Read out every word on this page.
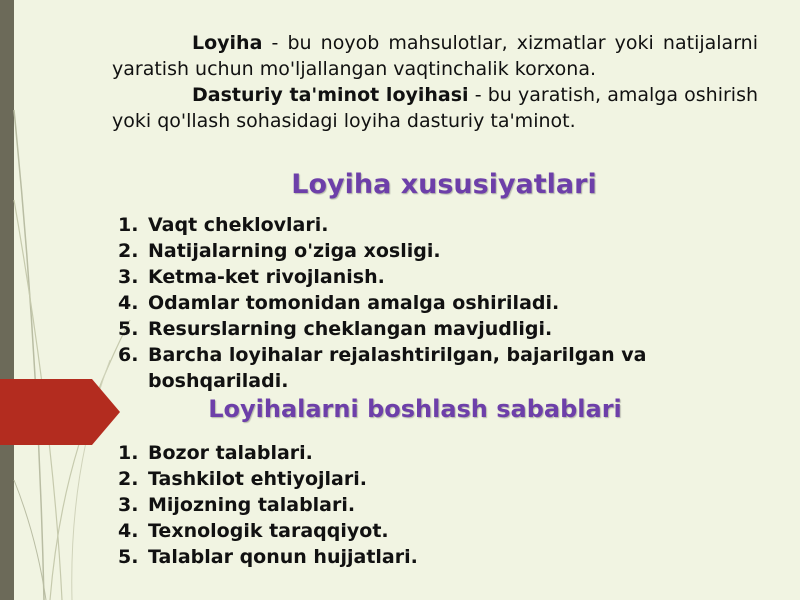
Loyiha - bu noyob mahsulotlar, xizmatlar yoki natijalarni yaratish uchun mo'ljallangan vaqtinchalik korxona.

Dasturiy ta'minot loyihasi - bu yaratish, amalga oshirish yoki qo'llash sohasidagi loyiha dasturiy ta'minot.

Loyiha xususiyatlari
1. Vaqt cheklovlari.
2. Natijalarning o'ziga xosligi.
3. Ketma-ket rivojlanish.
4. Odamlar tomonidan amalga oshiriladi.
5. Resurslarning cheklangan mavjudligi.
6. Barcha loyihalar rejalashtirilgan, bajarilgan va boshqariladi.
Loyihalarni boshlash sabablari
1. Bozor talablari.
2. Tashkilot ehtiyojlari.
3. Mijozning talablari.
4. Texnologik taraqqiyot.
5. Talablar qonun hujjatlari.
